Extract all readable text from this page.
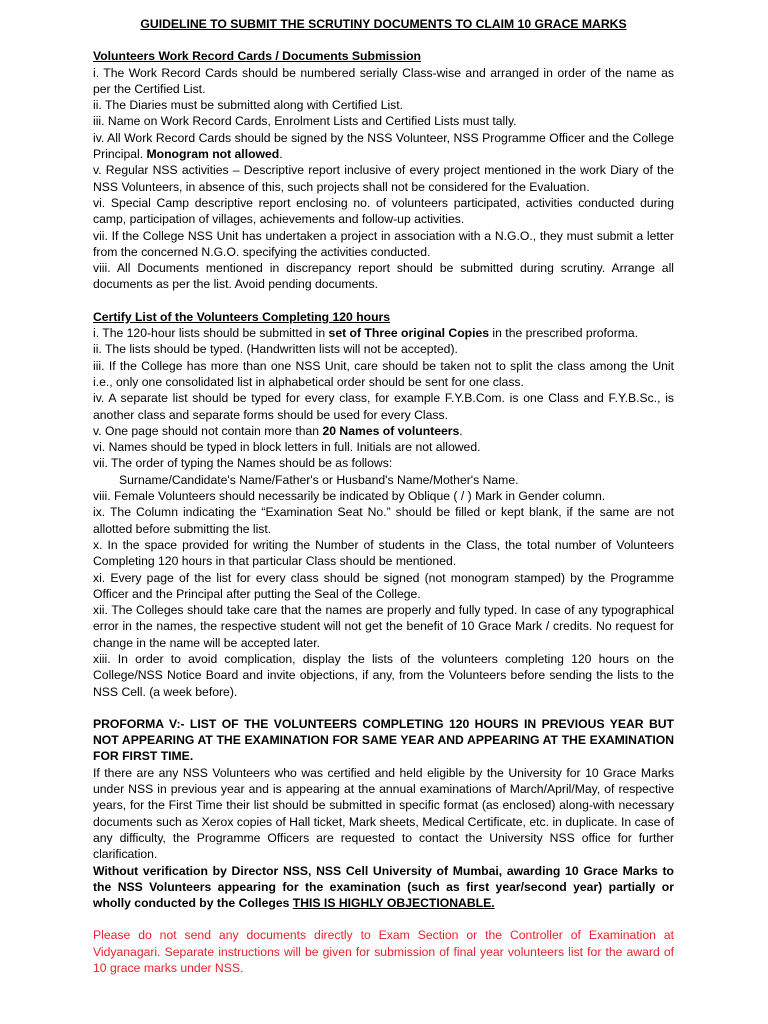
GUIDELINE TO SUBMIT THE SCRUTINY DOCUMENTS TO CLAIM 10 GRACE MARKS

Volunteers Work Record Cards / Documents Submission

i. The Work Record Cards should be numbered serially Class-wise and arranged in order of the name as per the Certified List.

ii. The Diaries must be submitted along with Certified List.

iii. Name on Work Record Cards, Enrolment Lists and Certified Lists must tally.

iv. All Work Record Cards should be signed by the NSS Volunteer, NSS Programme Officer and the College Principal. Monogram not allowed.

v. Regular NSS activities – Descriptive report inclusive of every project mentioned in the work Diary of the NSS Volunteers, in absence of this, such projects shall not be considered for the Evaluation.

vi. Special Camp descriptive report enclosing no. of volunteers participated, activities conducted during camp, participation of villages, achievements and follow-up activities.

vii. If the College NSS Unit has undertaken a project in association with a N.G.O., they must submit a letter from the concerned N.G.O. specifying the activities conducted.

viii. All Documents mentioned in discrepancy report should be submitted during scrutiny. Arrange all documents as per the list. Avoid pending documents.

Certify List of the Volunteers Completing 120 hours

i. The 120-hour lists should be submitted in set of Three original Copies in the prescribed proforma.

ii. The lists should be typed. (Handwritten lists will not be accepted).

iii. If the College has more than one NSS Unit, care should be taken not to split the class among the Unit i.e., only one consolidated list in alphabetical order should be sent for one class.

iv. A separate list should be typed for every class, for example F.Y.B.Com. is one Class and F.Y.B.Sc., is another class and separate forms should be used for every Class.

v. One page should not contain more than 20 Names of volunteers.

vi. Names should be typed in block letters in full. Initials are not allowed.

vii. The order of typing the Names should be as follows:

Surname/Candidate's Name/Father's or Husband's Name/Mother's Name.

viii. Female Volunteers should necessarily be indicated by Oblique ( / ) Mark in Gender column.

ix. The Column indicating the “Examination Seat No.” should be filled or kept blank, if the same are not allotted before submitting the list.

x. In the space provided for writing the Number of students in the Class, the total number of Volunteers Completing 120 hours in that particular Class should be mentioned.

xi. Every page of the list for every class should be signed (not monogram stamped) by the Programme Officer and the Principal after putting the Seal of the College.

xii. The Colleges should take care that the names are properly and fully typed. In case of any typographical error in the names, the respective student will not get the benefit of 10 Grace Mark / credits. No request for change in the name will be accepted later.

xiii. In order to avoid complication, display the lists of the volunteers completing 120 hours on the College/NSS Notice Board and invite objections, if any, from the Volunteers before sending the lists to the NSS Cell. (a week before).

PROFORMA V:- LIST OF THE VOLUNTEERS COMPLETING 120 HOURS IN PREVIOUS YEAR BUT NOT APPEARING AT THE EXAMINATION FOR SAME YEAR AND APPEARING AT THE EXAMINATION FOR FIRST TIME.

If there are any NSS Volunteers who was certified and held eligible by the University for 10 Grace Marks under NSS in previous year and is appearing at the annual examinations of March/April/May, of respective years, for the First Time their list should be submitted in specific format (as enclosed) along-with necessary documents such as Xerox copies of Hall ticket, Mark sheets, Medical Certificate, etc. in duplicate. In case of any difficulty, the Programme Officers are requested to contact the University NSS office for further clarification.

Without verification by Director NSS, NSS Cell University of Mumbai, awarding 10 Grace Marks to the NSS Volunteers appearing for the examination (such as first year/second year) partially or wholly conducted by the Colleges THIS IS HIGHLY OBJECTIONABLE.

Please do not send any documents directly to Exam Section or the Controller of Examination at Vidyanagari. Separate instructions will be given for submission of final year volunteers list for the award of 10 grace marks under NSS.
